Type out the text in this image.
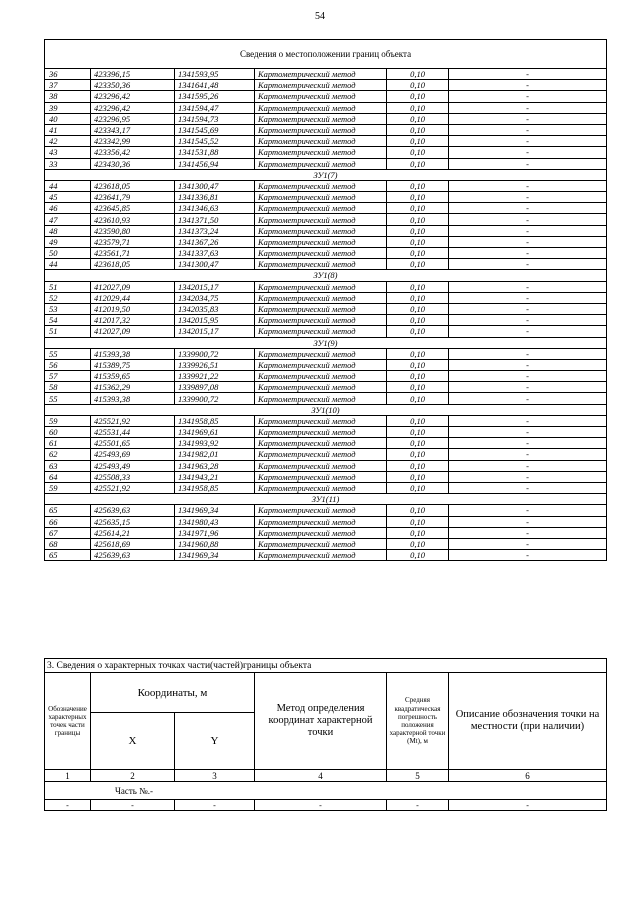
54
Сведения о местоположении границ объекта					
36	423396,15	1341593,95	Картометрический метод	0,10	-
37	423350,36	1341641,48	Картометрический метод	0,10	-
38	423296,42	1341595,26	Картометрический метод	0,10	-
39	423296,42	1341594,47	Картометрический метод	0,10	-
40	423296,95	1341594,73	Картометрический метод	0,10	-
41	423343,17	1341545,69	Картометрический метод	0,10	-
42	423342,99	1341545,52	Картометрический метод	0,10	-
43	423356,42	1341531,88	Картометрический метод	0,10	-
33	423430,36	1341456,94	Картометрический метод	0,10	-
ЗУ1(7)					
44	423618,05	1341300,47	Картометрический метод	0,10	-
45	423641,79	1341336,81	Картометрический метод	0,10	-
46	423645,85	1341346,63	Картометрический метод	0,10	-
47	423610,93	1341371,50	Картометрический метод	0,10	-
48	423590,80	1341373,24	Картометрический метод	0,10	-
49	423579,71	1341367,26	Картометрический метод	0,10	-
50	423561,71	1341337,63	Картометрический метод	0,10	-
44	423618,05	1341300,47	Картометрический метод	0,10	-
ЗУ1(8)					
51	412027,09	1342015,17	Картометрический метод	0,10	-
52	412029,44	1342034,75	Картометрический метод	0,10	-
53	412019,50	1342035,83	Картометрический метод	0,10	-
54	412017,32	1342015,95	Картометрический метод	0,10	-
51	412027,09	1342015,17	Картометрический метод	0,10	-
ЗУ1(9)					
55	415393,38	1339900,72	Картометрический метод	0,10	-
56	415389,75	1339926,51	Картометрический метод	0,10	-
57	415359,65	1339921,22	Картометрический метод	0,10	-
58	415362,29	1339897,08	Картометрический метод	0,10	-
55	415393,38	1339900,72	Картометрический метод	0,10	-
ЗУ1(10)					
59	425521,92	1341958,85	Картометрический метод	0,10	-
60	425531,44	1341969,61	Картометрический метод	0,10	-
61	425501,65	1341993,92	Картометрический метод	0,10	-
62	425493,69	1341982,01	Картометрический метод	0,10	-
63	425493,49	1341963,28	Картометрический метод	0,10	-
64	425508,33	1341943,21	Картометрический метод	0,10	-
59	425521,92	1341958,85	Картометрический метод	0,10	-
ЗУ1(11)					
65	425639,63	1341969,34	Картометрический метод	0,10	-
66	425635,15	1341980,43	Картометрический метод	0,10	-
67	425614,21	1341971,96	Картометрический метод	0,10	-
68	425618,69	1341960,88	Картометрический метод	0,10	-
65	425639,63	1341969,34	Картометрический метод	0,10	-
3. Сведения о характерных точках части(частей)границы объекта					
Обозначение характерных точек части границы	Координаты, м		Метод определения координат характерной точки	Средняя квадратическая погрешность положения характерной точки (Mt), м	Описание обозначения точки на местности (при наличии)
	X	Y			
1	2	3	4	5	6
Часть №.-					
-	-	-	-	-	-
